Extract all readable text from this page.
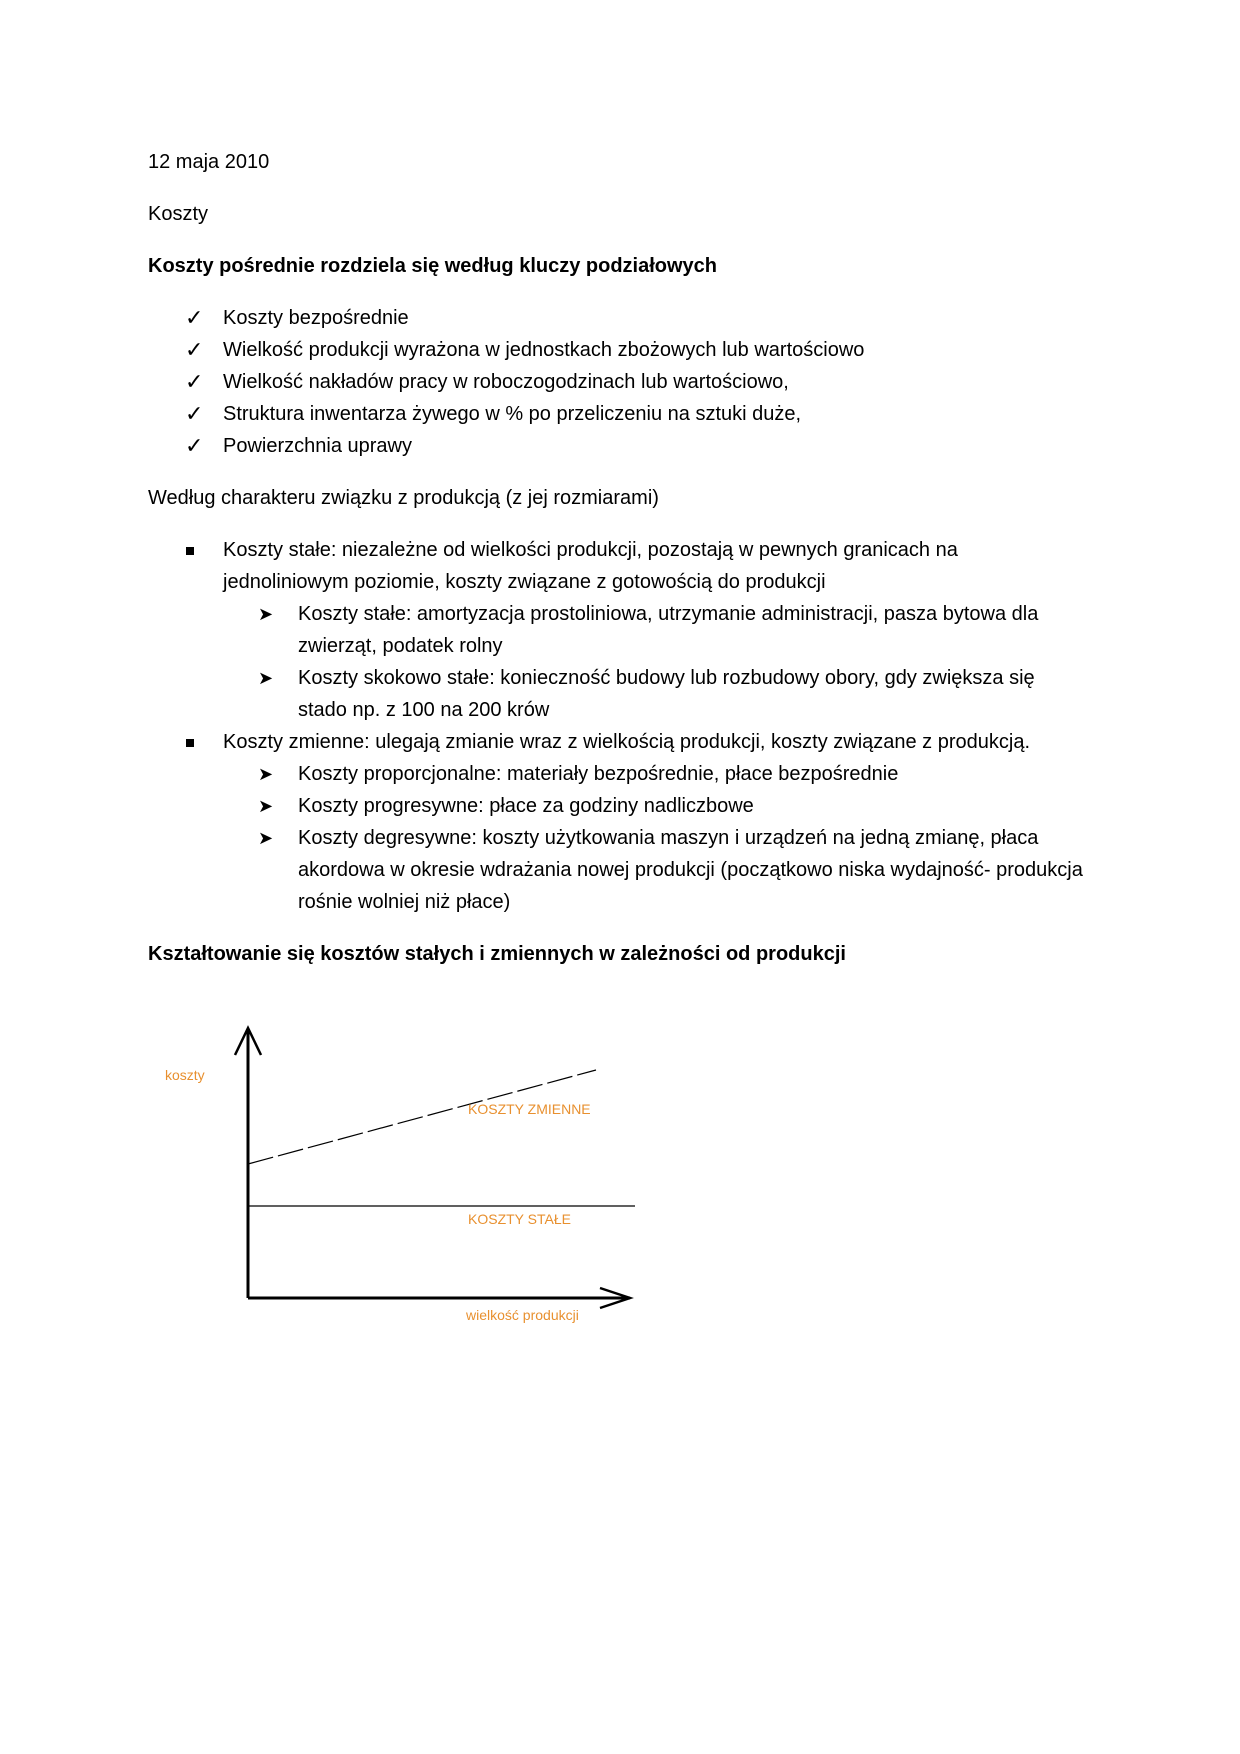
12 maja 2010

Koszty

Koszty pośrednie rozdziela się według kluczy podziałowych

✓ Koszty bezpośrednie
✓ Wielkość produkcji wyrażona w jednostkach zbożowych lub wartościowo
✓ Wielkość nakładów pracy w roboczogodzinach lub wartościowo,
✓ Struktura inwentarza żywego w % po przeliczeniu na sztuki duże,
✓ Powierzchnia uprawy

Według charakteru związku z produkcją (z jej rozmiarami)

Koszty stałe: niezależne od wielkości produkcji, pozostają w pewnych granicach na jednoliniowym poziomie, koszty związane z gotowością do produkcji
➤ Koszty stałe: amortyzacja prostoliniowa, utrzymanie administracji, pasza bytowa dla zwierząt, podatek rolny
➤ Koszty skokowo stałe: konieczność budowy lub rozbudowy obory, gdy zwiększa się stado np. z 100 na 200 krów
Koszty zmienne: ulegają zmianie wraz z wielkością produkcji, koszty związane z produkcją.
➤ Koszty proporcjonalne: materiały bezpośrednie, płace bezpośrednie
➤ Koszty progresywne: płace za godziny nadliczbowe
➤ Koszty degresywne: koszty użytkowania maszyn i urządzeń na jedną zmianę, płaca akordowa w okresie wdrażania nowej produkcji (początkowo niska wydajność- produkcja rośnie wolniej niż płace)

Kształtowanie się kosztów stałych i zmiennych w zależności od produkcji

koszty
KOSZTY ZMIENNE
KOSZTY STAŁE
wielkość produkcji
